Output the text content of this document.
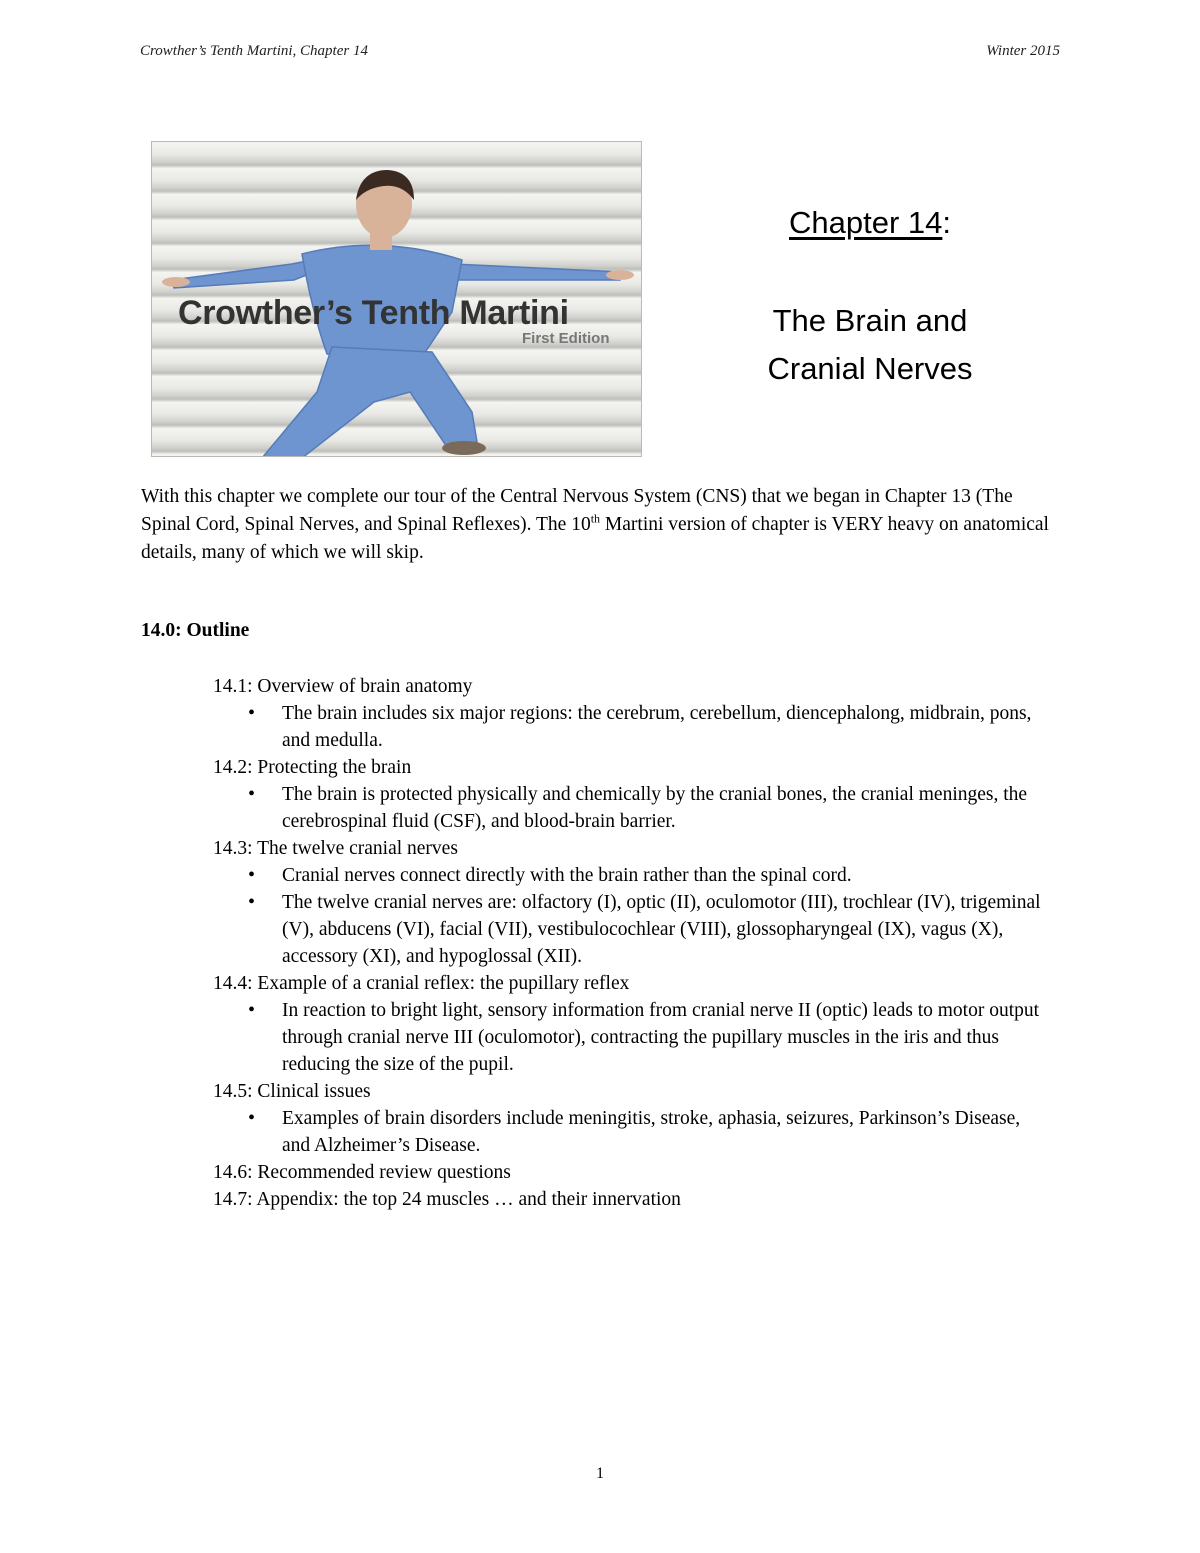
Crowther’s Tenth Martini, Chapter 14	Winter 2015
Crowther’s Tenth Martini
First Edition
Chapter 14:
The Brain and
Cranial Nerves

With this chapter we complete our tour of the Central Nervous System (CNS) that we began in Chapter 13 (The Spinal Cord, Spinal Nerves, and Spinal Reflexes). The 10th Martini version of chapter is VERY heavy on anatomical details, many of which we will skip.

14.0: Outline
14.1: Overview of brain anatomy
• The brain includes six major regions: the cerebrum, cerebellum, diencephalong, midbrain, pons, and medulla.
14.2: Protecting the brain
• The brain is protected physically and chemically by the cranial bones, the cranial meninges, the cerebrospinal fluid (CSF), and blood-brain barrier.
14.3: The twelve cranial nerves
• Cranial nerves connect directly with the brain rather than the spinal cord.
• The twelve cranial nerves are: olfactory (I), optic (II), oculomotor (III), trochlear (IV), trigeminal (V), abducens (VI), facial (VII), vestibulocochlear (VIII), glossopharyngeal (IX), vagus (X), accessory (XI), and hypoglossal (XII).
14.4: Example of a cranial reflex: the pupillary reflex
• In reaction to bright light, sensory information from cranial nerve II (optic) leads to motor output through cranial nerve III (oculomotor), contracting the pupillary muscles in the iris and thus reducing the size of the pupil.
14.5: Clinical issues
• Examples of brain disorders include meningitis, stroke, aphasia, seizures, Parkinson’s Disease, and Alzheimer’s Disease.
14.6: Recommended review questions
14.7: Appendix: the top 24 muscles … and their innervation
1
